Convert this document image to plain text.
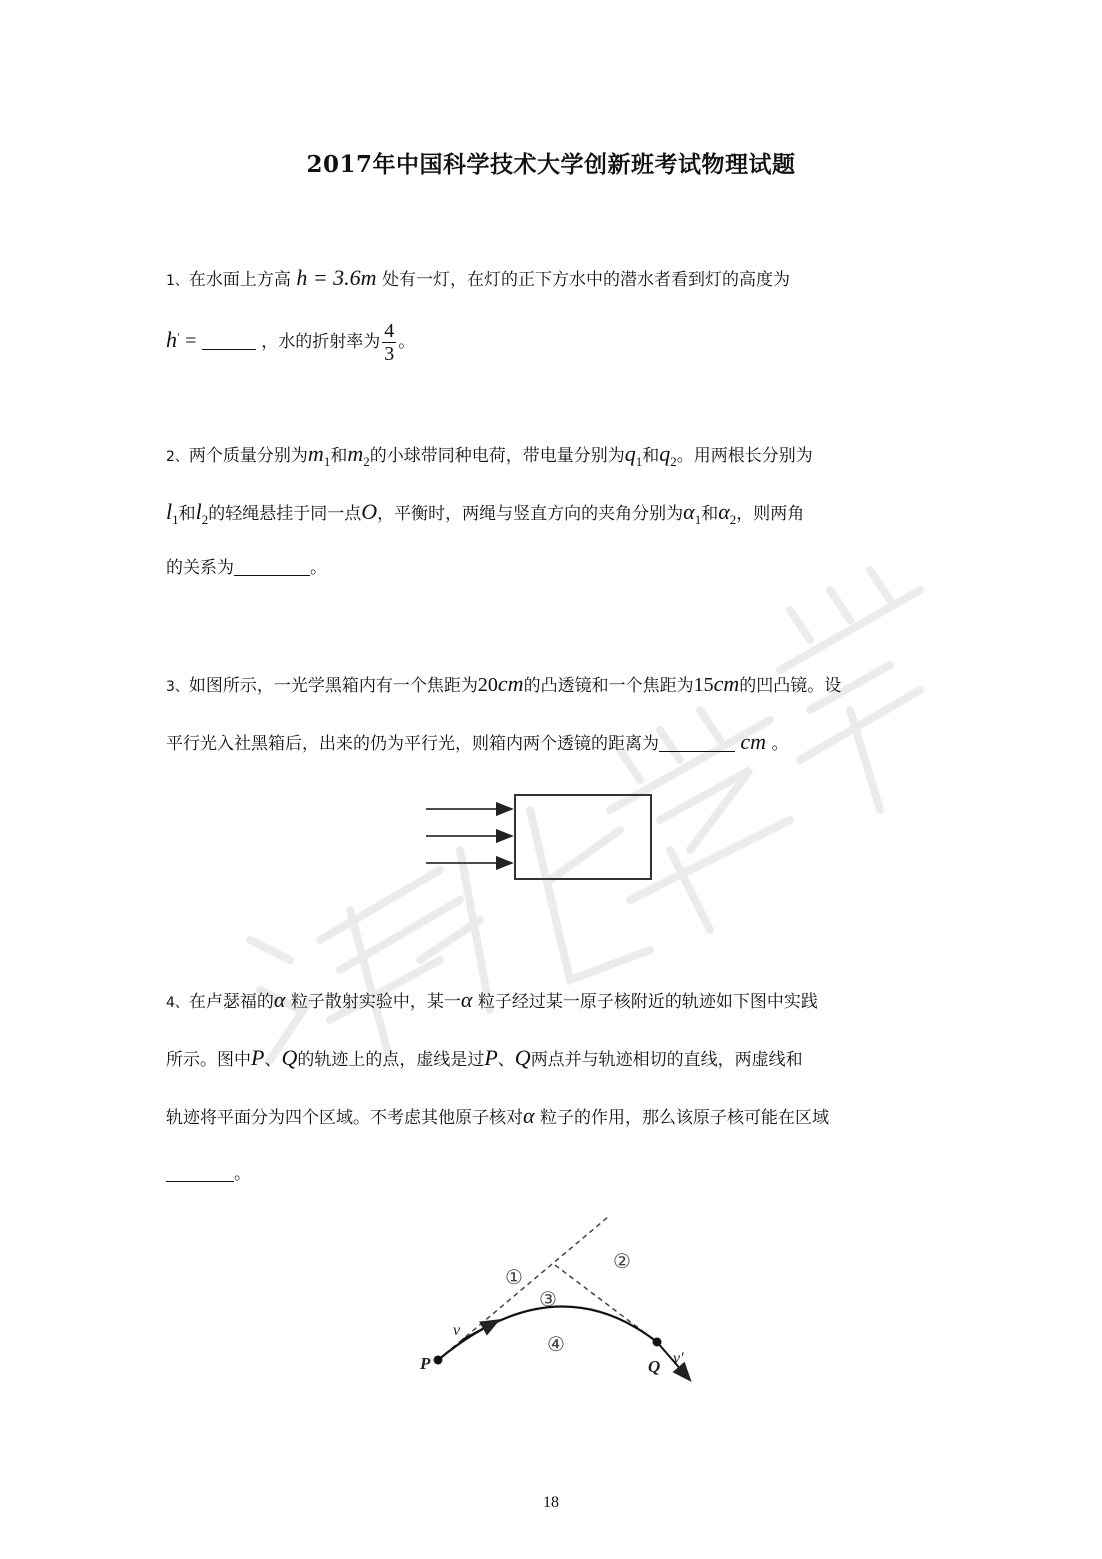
2017年中国科学技术大学创新班考试物理试题
1、在水面上方高 h = 3.6m 处有一灯，在灯的正下方水中的潜水者看到灯的高度为
h' =	，水的折射率为 $\frac{4}{3}$ 。
2、两个质量分别为$m_1$和$m_2$的小球带同种电荷，带电量分别为$q_1$和$q_2$。用两根长分别为
$l_1$和$l_2$的轻绳悬挂于同一点O，平衡时，两绳与竖直方向的夹角分别为$\alpha_1$和$\alpha_2$，则两角
的关系为	。
3、如图所示，一光学黑箱内有一个焦距为20cm的凸透镜和一个焦距为15cm的凹凸镜。设
平行光入社黑箱后，出来的仍为平行光，则箱内两个透镜的距离为	cm 。
4、在卢瑟福的α 粒子散射实验中，某一α 粒子经过某一原子核附近的轨迹如下图中实践
所示。图中P、Q的轨迹上的点，虚线是过P、Q两点并与轨迹相切的直线，两虚线和
轨迹将平面分为四个区域。不考虑其他原子核对α 粒子的作用，那么该原子核可能在区域
。
①
②
③
④
P	Q
v
v′
18
